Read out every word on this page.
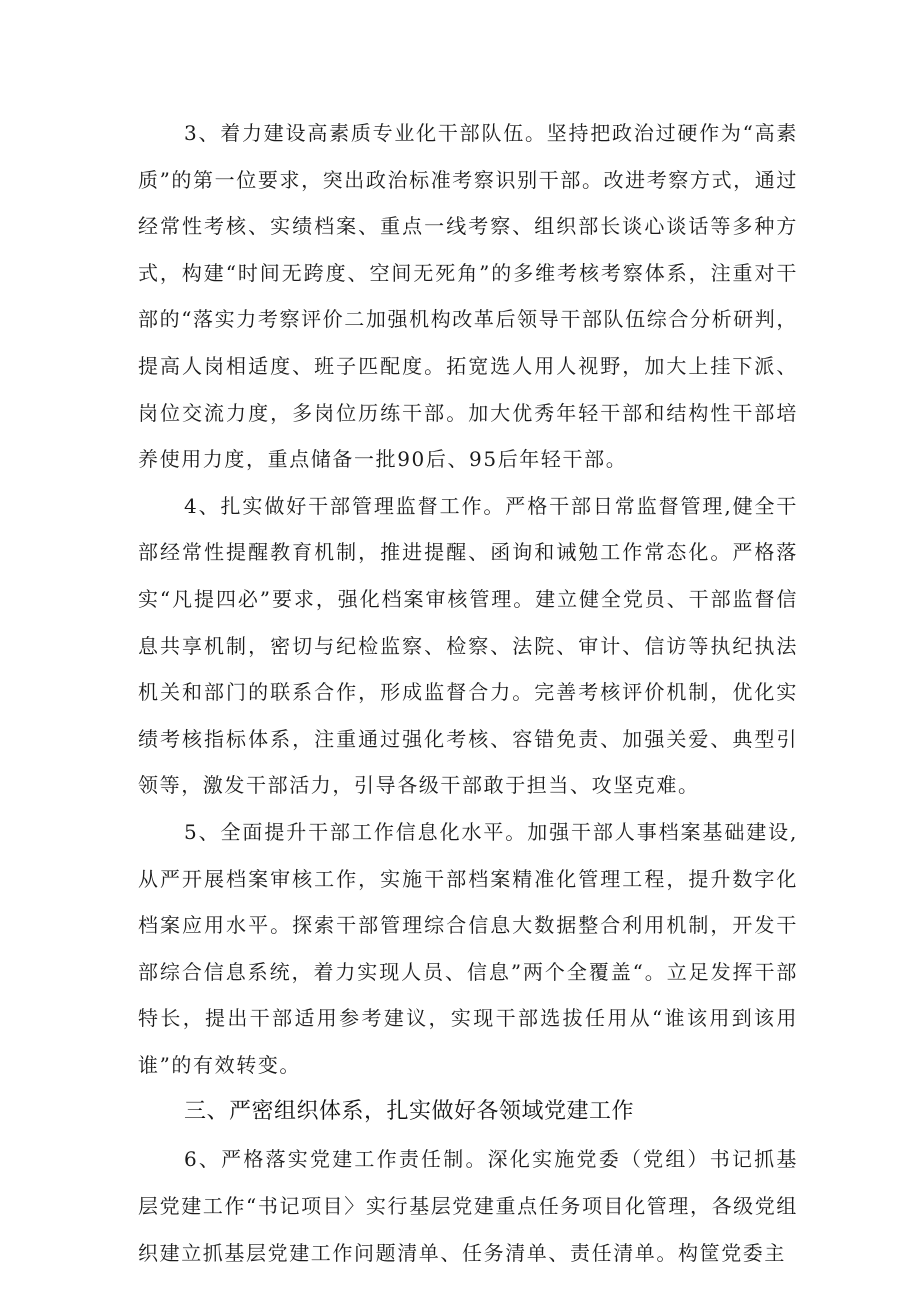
3、着力建设高素质专业化干部队伍。坚持把政治过硬作为“高素质”的第一位要求，突出政治标准考察识别干部。改进考察方式，通过经常性考核、实绩档案、重点一线考察、组织部长谈心谈话等多种方式，构建“时间无跨度、空间无死角”的多维考核考察体系，注重对干部的“落实力考察评价二加强机构改革后领导干部队伍综合分析研判，提高人岗相适度、班子匹配度。拓宽选人用人视野，加大上挂下派、岗位交流力度，多岗位历练干部。加大优秀年轻干部和结构性干部培养使用力度，重点储备一批90后、95后年轻干部。

4、扎实做好干部管理监督工作。严格干部日常监督管理,健全干部经常性提醒教育机制，推进提醒、函询和诫勉工作常态化。严格落实“凡提四必”要求，强化档案审核管理。建立健全党员、干部监督信息共享机制，密切与纪检监察、检察、法院、审计、信访等执纪执法机关和部门的联系合作，形成监督合力。完善考核评价机制，优化实绩考核指标体系，注重通过强化考核、容错免责、加强关爱、典型引领等，激发干部活力，引导各级干部敢于担当、攻坚克难。

5、全面提升干部工作信息化水平。加强干部人事档案基础建设,从严开展档案审核工作，实施干部档案精准化管理工程，提升数字化档案应用水平。探索干部管理综合信息大数据整合利用机制，开发干部综合信息系统，着力实现人员、信息”两个全覆盖“。立足发挥干部特长，提出干部适用参考建议，实现干部选拔任用从“谁该用到该用谁”的有效转变。

三、严密组织体系，扎实做好各领域党建工作

6、严格落实党建工作责任制。深化实施党委（党组）书记抓基层党建工作“书记项目〉实行基层党建重点任务项目化管理，各级党组织建立抓基层党建工作问题清单、任务清单、责任清单。构筐党委主
